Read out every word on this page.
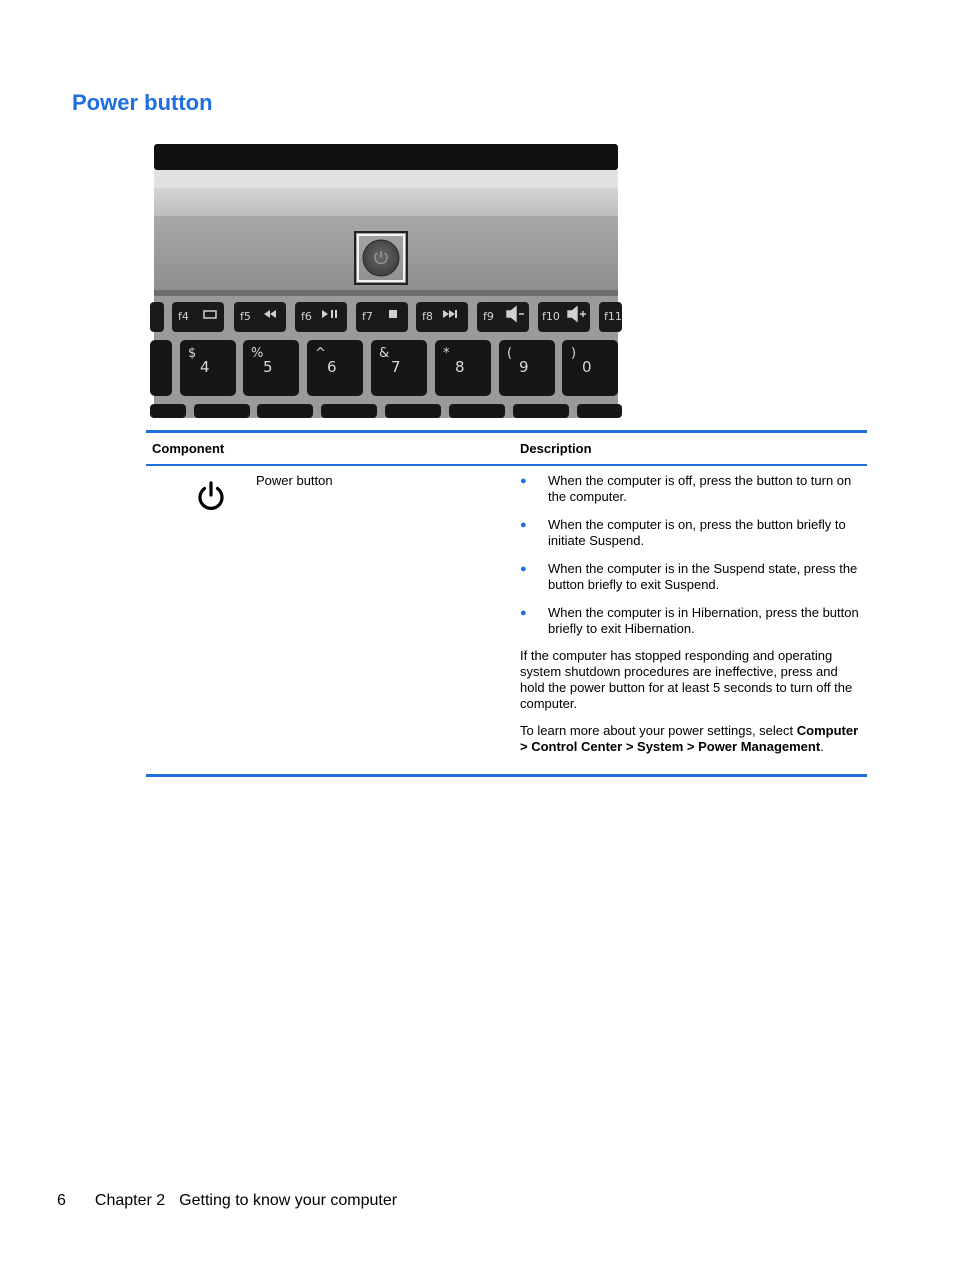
Power button
f4	f5	f6	f7	f8	f9	f10	f11
$	%	^	&	*	(	)
4	5	6	7	8	9	0
Component	Description
Power button	●	When the computer is off, press the button to turn on the computer.
●	When the computer is on, press the button briefly to initiate Suspend.
●	When the computer is in the Suspend state, press the button briefly to exit Suspend.
●	When the computer is in Hibernation, press the button briefly to exit Hibernation.

If the computer has stopped responding and operating system shutdown procedures are ineffective, press and hold the power button for at least 5 seconds to turn off the computer.

To learn more about your power settings, select Computer > Control Center > System > Power Management.

6 Chapter 2 Getting to know your computer
